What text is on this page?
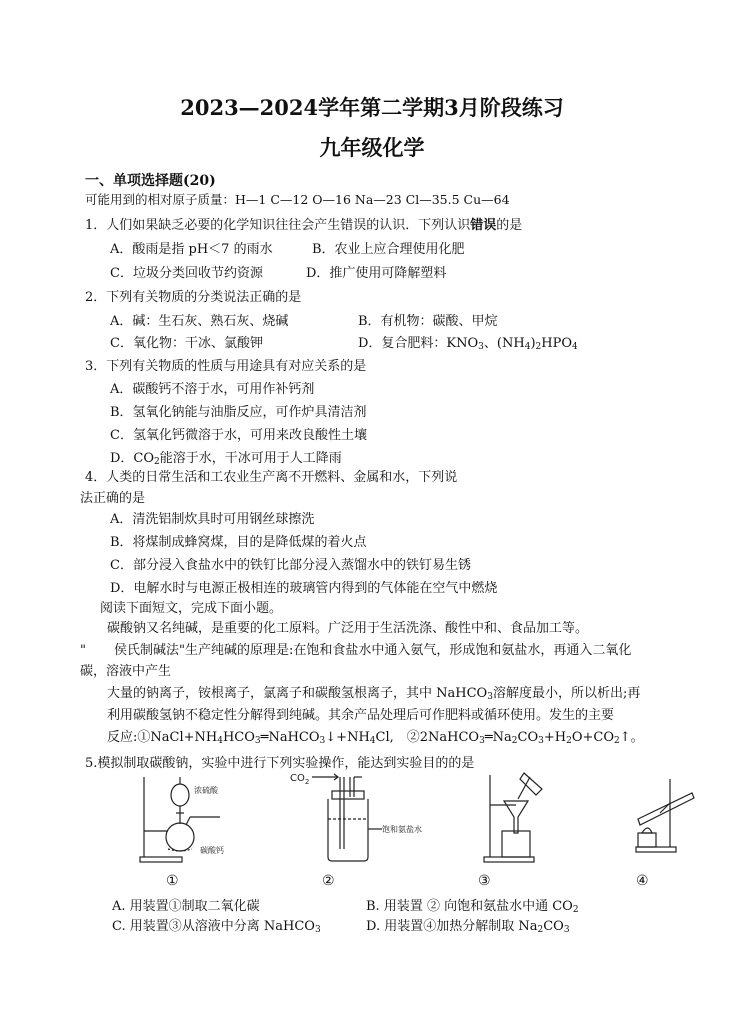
2023—2024学年第二学期3月阶段练习
九年级化学
一、单项选择题(20)
可能用到的相对原子质量：H—1 C—12 O—16 Na—23 Cl—35.5 Cu—64
1．人们如果缺乏必要的化学知识往往会产生错误的认识．下列认识错误的是
A．酸雨是指 pH＜7 的雨水	B．农业上应合理使用化肥
C．垃圾分类回收节约资源	D．推广使用可降解塑料
2．下列有关物质的分类说法正确的是
A．碱：生石灰、熟石灰、烧碱	B．有机物：碳酸、甲烷
C．氧化物：干冰、氯酸钾	D．复合肥料：$KNO_3$、$(NH_4)_2HPO_4$
3．下列有关物质的性质与用途具有对应关系的是
A．碳酸钙不溶于水，可用作补钙剂
B．氢氧化钠能与油脂反应，可作炉具清洁剂
C．氢氧化钙微溶于水，可用来改良酸性土壤
D．$CO_2$能溶于水，干冰可用于人工降雨
4．人类的日常生活和工农业生产离不开燃料、金属和水，下列说
法正确的是
A．清洗铝制炊具时可用钢丝球擦洗
B．将煤制成蜂窝煤，目的是降低煤的着火点
C．部分浸入食盐水中的铁钉比部分浸入蒸馏水中的铁钉易生锈
D．电解水时与电源正极相连的玻璃管内得到的气体能在空气中燃烧
阅读下面短文，完成下面小题。
碳酸钠又名纯碱，是重要的化工原料。广泛用于生活洗涤、酸性中和、食品加工等。
" 侯氏制碱法"生产纯碱的原理是:在饱和食盐水中通入氨气，形成饱和氨盐水，再通入二氧化
碳，溶液中产生
大量的钠离子，铵根离子，氯离子和碳酸氢根离子，其中 NaHCO$_3$溶解度最小，所以析出;再
利用碳酸氢钠不稳定性分解得到纯碱。其余产品处理后可作肥料或循环使用。发生的主要
反应$:①NaCl+NH_4HCO_3═NaHCO_3↓+NH_4Cl$,　$②2NaHCO_3═Na_2CO_3+H_2O+CO_2↑$。
5.模拟制取碳酸钠，实验中进行下列实验操作，能达到实验目的的是
浓硫酸
碳酸钙
$CO_2$
饱和氨盐水
①	②	③	④
A. 用装置①制取二氧化碳	B. 用装置 ② 向饱和氨盐水中通 $CO_2$
C. 用装置③从溶液中分离 NaHCO$_3$	D. 用装置④加热分解制取 $Na_2CO_3$
